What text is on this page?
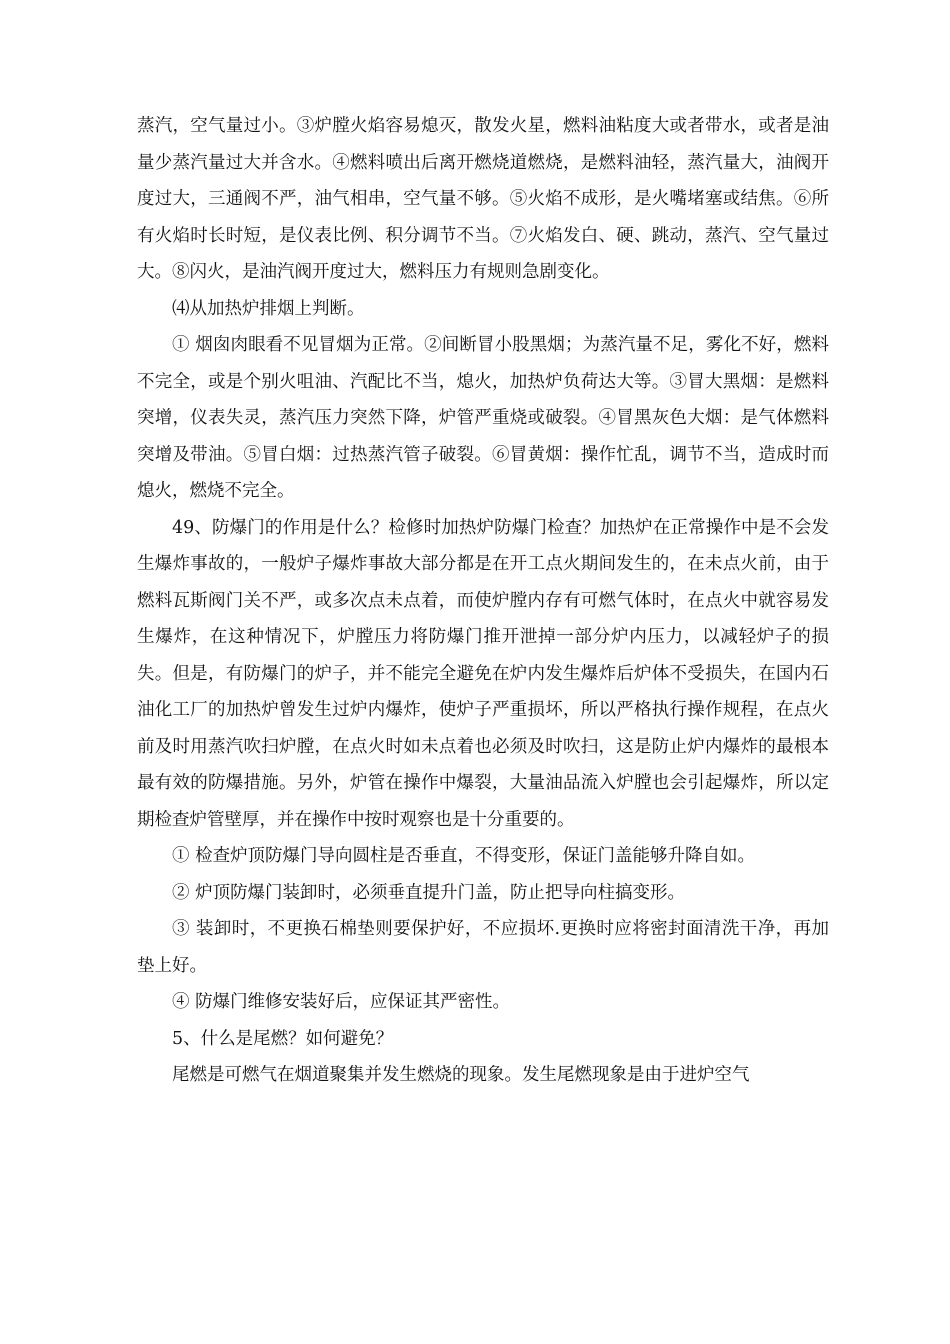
蒸汽，空气量过小。③炉膛火焰容易熄灭，散发火星，燃料油粘度大或者带水，或者是油量少蒸汽量过大并含水。④燃料喷出后离开燃烧道燃烧，是燃料油轻，蒸汽量大，油阀开度过大，三通阀不严，油气相串，空气量不够。⑤火焰不成形，是火嘴堵塞或结焦。⑥所有火焰时长时短，是仪表比例、积分调节不当。⑦火焰发白、硬、跳动，蒸汽、空气量过大。⑧闪火，是油汽阀开度过大，燃料压力有规则急剧变化。

⑷从加热炉排烟上判断。

① 烟囱肉眼看不见冒烟为正常。②间断冒小股黑烟；为蒸汽量不足，雾化不好，燃料不完全，或是个别火咀油、汽配比不当，熄火，加热炉负荷达大等。③冒大黑烟：是燃料突增，仪表失灵，蒸汽压力突然下降，炉管严重烧或破裂。④冒黑灰色大烟：是气体燃料突增及带油。⑤冒白烟：过热蒸汽管子破裂。⑥冒黄烟：操作忙乱，调节不当，造成时而熄火，燃烧不完全。

49、防爆门的作用是什么？检修时加热炉防爆门检查？加热炉在正常操作中是不会发生爆炸事故的，一般炉子爆炸事故大部分都是在开工点火期间发生的，在未点火前，由于燃料瓦斯阀门关不严，或多次点未点着，而使炉膛内存有可燃气体时，在点火中就容易发生爆炸，在这种情况下，炉膛压力将防爆门推开泄掉一部分炉内压力，以减轻炉子的损失。但是，有防爆门的炉子，并不能完全避免在炉内发生爆炸后炉体不受损失，在国内石油化工厂的加热炉曾发生过炉内爆炸，使炉子严重损坏，所以严格执行操作规程，在点火前及时用蒸汽吹扫炉膛，在点火时如未点着也必须及时吹扫，这是防止炉内爆炸的最根本最有效的防爆措施。另外，炉管在操作中爆裂，大量油品流入炉膛也会引起爆炸，所以定期检查炉管壁厚，并在操作中按时观察也是十分重要的。

① 检查炉顶防爆门导向圆柱是否垂直，不得变形，保证门盖能够升降自如。

② 炉顶防爆门装卸时，必须垂直提升门盖，防止把导向柱搞变形。

③ 装卸时，不更换石棉垫则要保护好，不应损坏.更换时应将密封面清洗干净，再加垫上好。

④ 防爆门维修安装好后，应保证其严密性。

5、什么是尾燃？如何避免？

尾燃是可燃气在烟道聚集并发生燃烧的现象。发生尾燃现象是由于进炉空气
